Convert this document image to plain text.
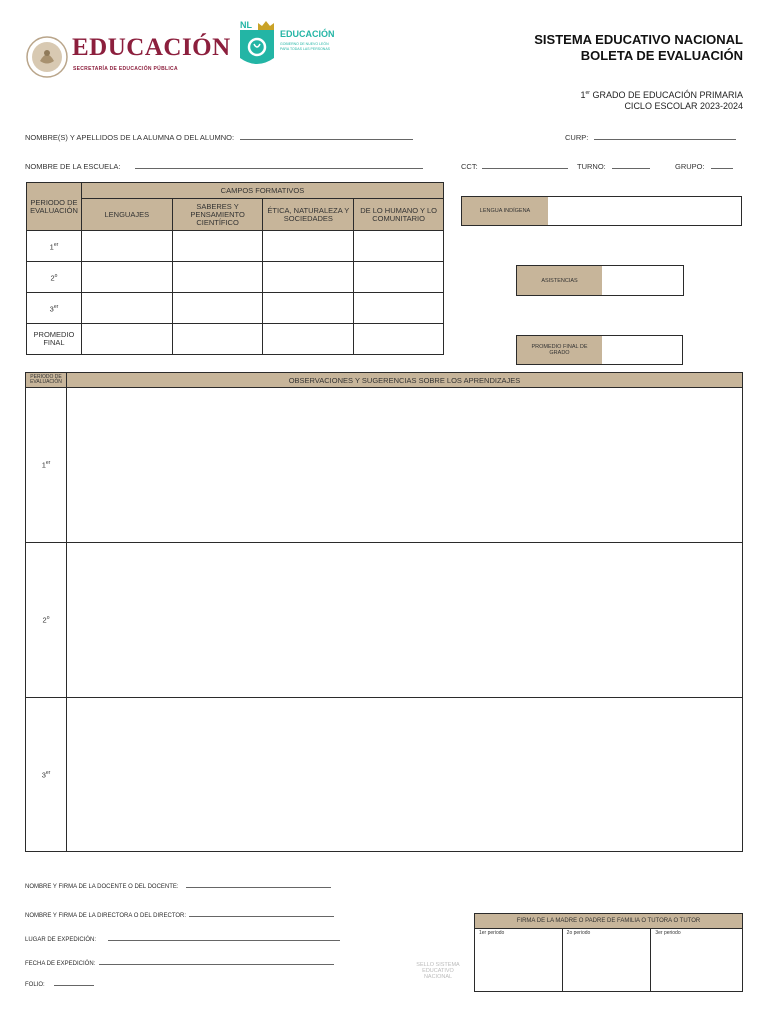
EDUCACIÓN
SECRETARÍA DE EDUCACIÓN PÚBLICA
NL
EDUCACIÓN
GOBIERNO DE NUEVO LEÓN
PARA TODAS LAS PERSONAS
SISTEMA EDUCATIVO NACIONAL
BOLETA DE EVALUACIÓN
1er GRADO DE EDUCACIÓN PRIMARIA
CICLO ESCOLAR 2023-2024
NOMBRE(S) Y APELLIDOS DE LA ALUMNA O DEL ALUMNO:	CURP:
NOMBRE DE LA ESCUELA:	CCT:	TURNO:	GRUPO:
PERIODO DE EVALUACIÓN	CAMPOS FORMATIVOS			
	LENGUAJES	SABERES Y PENSAMIENTO CIENTÍFICO	ÉTICA, NATURALEZA Y SOCIEDADES	DE LO HUMANO Y LO COMUNITARIO
1er				
2$^o$				
3er				
PROMEDIO FINAL				
LENGUA INDÍGENA
ASISTENCIAS
PROMEDIO FINAL DE GRADO
PERIODO DE EVALUACIÓN	OBSERVACIONES Y SUGERENCIAS SOBRE LOS APRENDIZAJES
1er	
2$^o$	
3er	
NOMBRE Y FIRMA DE LA DOCENTE O DEL DOCENTE:
NOMBRE Y FIRMA DE LA DIRECTORA O DEL DIRECTOR:
LUGAR DE EXPEDICIÓN:
FECHA DE EXPEDICIÓN:
FOLIO:
SELLO SISTEMA EDUCATIVO NACIONAL
FIRMA DE LA MADRE O PADRE DE FAMILIA O TUTORA O TUTOR
1er periodo	2o periodo	3er periodo
